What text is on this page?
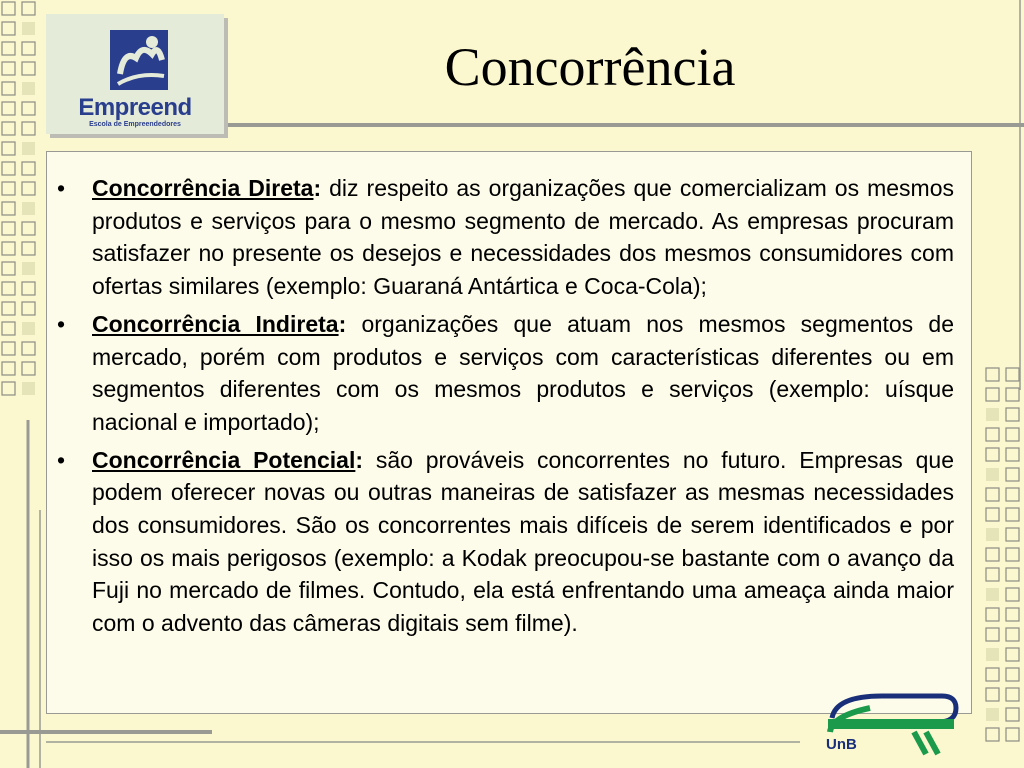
Empreend
Escola de Empreendedores
Concorrência
• Concorrência Direta: diz respeito as organizações que comercializam os mesmos produtos e serviços para o mesmo segmento de mercado. As empresas procuram satisfazer no presente os desejos e necessidades dos mesmos consumidores com ofertas similares (exemplo: Guaraná Antártica e Coca-Cola);
• Concorrência Indireta: organizações que atuam nos mesmos segmentos de mercado, porém com produtos e serviços com características diferentes ou em segmentos diferentes com os mesmos produtos e serviços (exemplo: uísque nacional e importado);
• Concorrência Potencial: são prováveis concorrentes no futuro. Empresas que podem oferecer novas ou outras maneiras de satisfazer as mesmas necessidades dos consumidores. São os concorrentes mais difíceis de serem identificados e por isso os mais perigosos (exemplo: a Kodak preocupou-se bastante com o avanço da Fuji no mercado de filmes. Contudo, ela está enfrentando uma ameaça ainda maior com o advento das câmeras digitais sem filme).
UnB
